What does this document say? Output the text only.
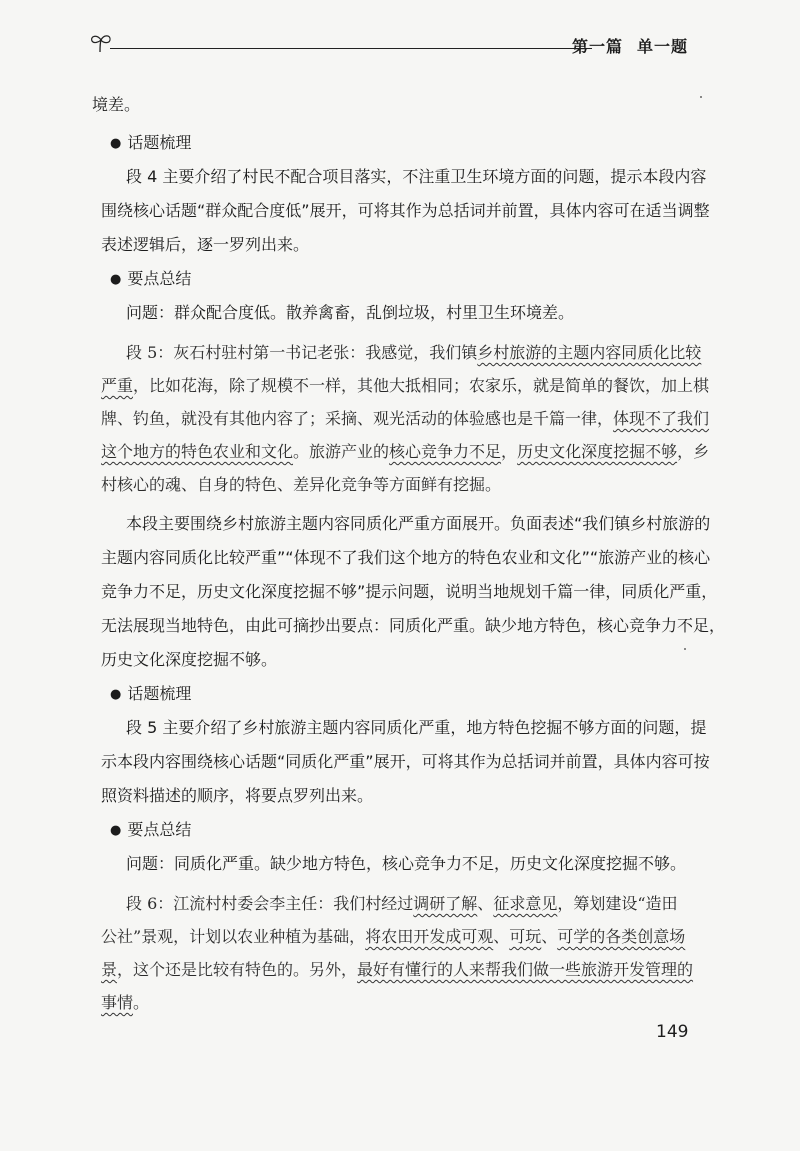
第一篇 单一题
境差。
● 话题梳理
段 4 主要介绍了村民不配合项目落实，不注重卫生环境方面的问题，提示本段内容
围绕核心话题“群众配合度低”展开，可将其作为总括词并前置，具体内容可在适当调整
表述逻辑后，逐一罗列出来。
● 要点总结
问题：群众配合度低。散养禽畜，乱倒垃圾，村里卫生环境差。
段 5：灰石村驻村第一书记老张：我感觉，我们镇乡村旅游的主题内容同质化比较
严重，比如花海，除了规模不一样，其他大抵相同；农家乐，就是简单的餐饮，加上棋
牌、钓鱼，就没有其他内容了；采摘、观光活动的体验感也是千篇一律，体现不了我们
这个地方的特色农业和文化。旅游产业的核心竞争力不足，历史文化深度挖掘不够，乡
村核心的魂、自身的特色、差异化竞争等方面鲜有挖掘。
本段主要围绕乡村旅游主题内容同质化严重方面展开。负面表述“我们镇乡村旅游的
主题内容同质化比较严重”“体现不了我们这个地方的特色农业和文化”“旅游产业的核心
竞争力不足，历史文化深度挖掘不够”提示问题，说明当地规划千篇一律，同质化严重，
无法展现当地特色，由此可摘抄出要点：同质化严重。缺少地方特色，核心竞争力不足，
历史文化深度挖掘不够。
● 话题梳理
段 5 主要介绍了乡村旅游主题内容同质化严重，地方特色挖掘不够方面的问题，提
示本段内容围绕核心话题“同质化严重”展开，可将其作为总括词并前置，具体内容可按
照资料描述的顺序，将要点罗列出来。
● 要点总结
问题：同质化严重。缺少地方特色，核心竞争力不足，历史文化深度挖掘不够。
段 6：江流村村委会李主任：我们村经过调研了解、征求意见，筹划建设“造田
公社”景观，计划以农业种植为基础，将农田开发成可观、可玩、可学的各类创意场
景，这个还是比较有特色的。另外，最好有懂行的人来帮我们做一些旅游开发管理的
事情。
149
